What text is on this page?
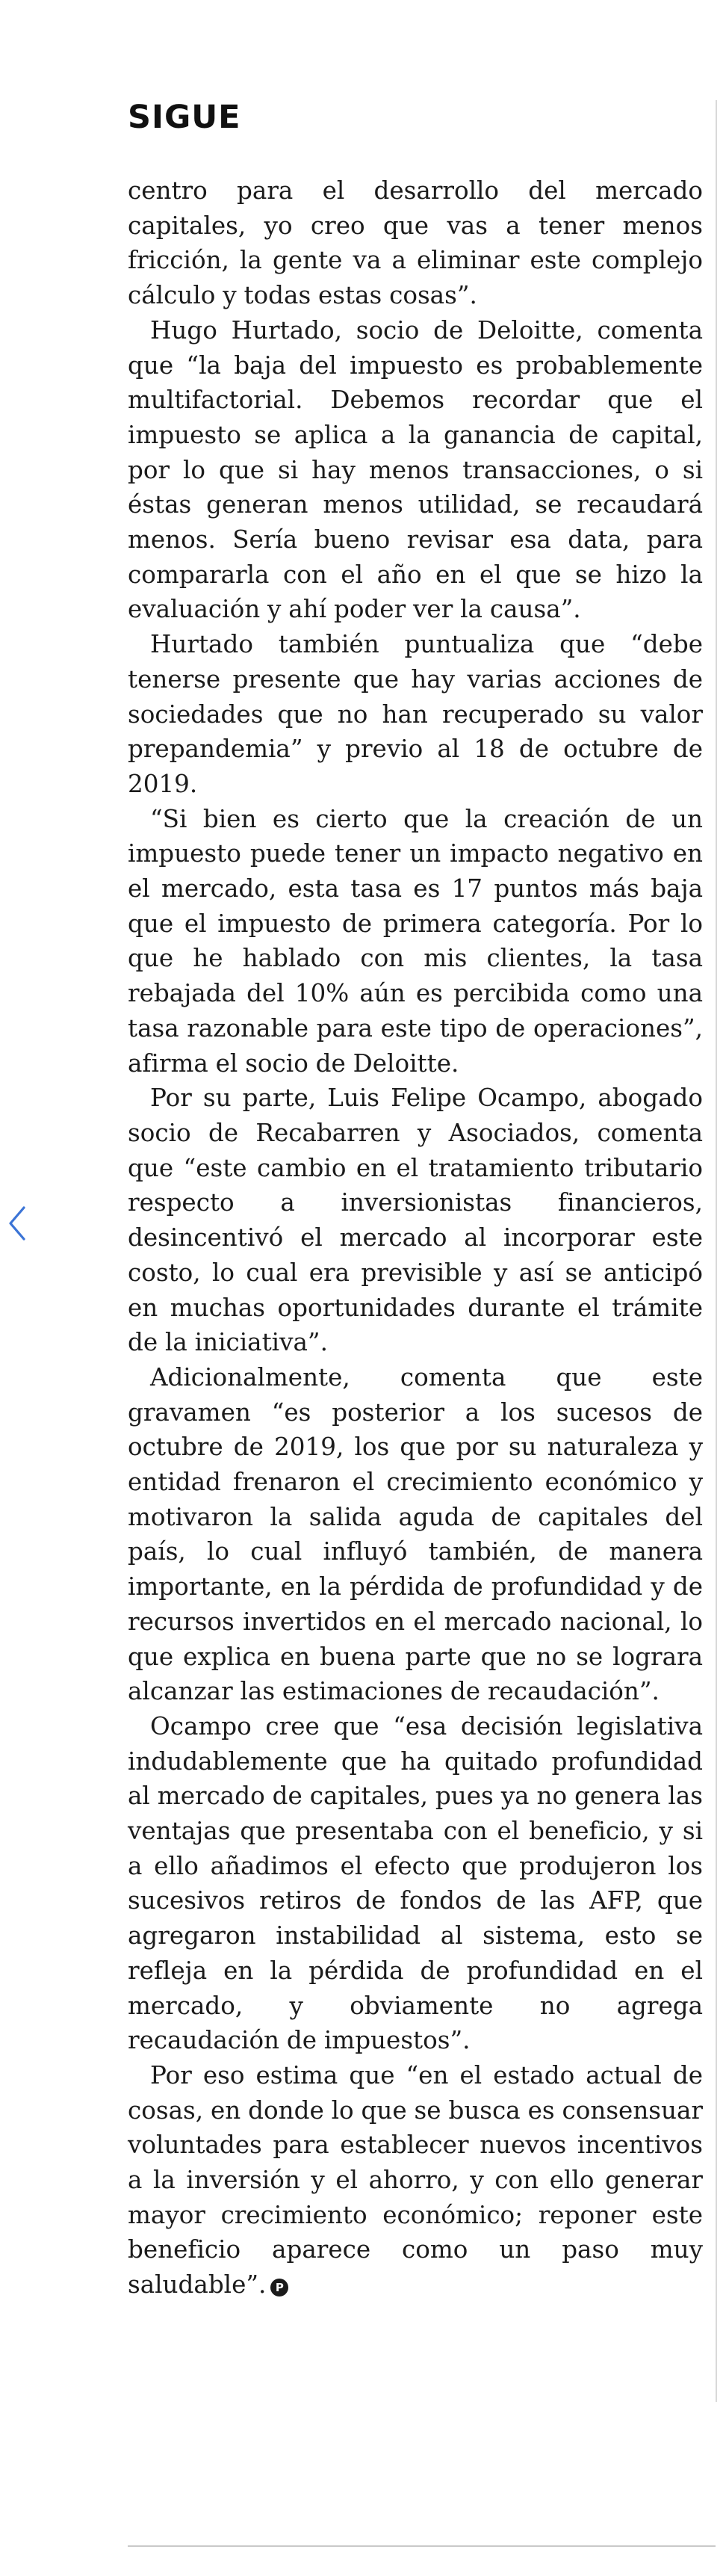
SIGUE

centro para el desarrollo del mercado capitales, yo creo que vas a tener menos fricción, la gente va a eliminar este complejo cálculo y todas estas cosas”.

Hugo Hurtado, socio de Deloitte, comenta que “la baja del impuesto es probablemente multifactorial. Debemos recordar que el impuesto se aplica a la ganancia de capital, por lo que si hay menos transacciones, o si éstas generan menos utilidad, se recaudará menos. Sería bueno revisar esa data, para compararla con el año en el que se hizo la evaluación y ahí poder ver la causa”.

Hurtado también puntualiza que “debe tenerse presente que hay varias acciones de sociedades que no han recuperado su valor prepandemia” y previo al 18 de octubre de 2019.

“Si bien es cierto que la creación de un impuesto puede tener un impacto negativo en el mercado, esta tasa es 17 puntos más baja que el impuesto de primera categoría. Por lo que he hablado con mis clientes, la tasa rebajada del 10% aún es percibida como una tasa razonable para este tipo de operaciones”, afirma el socio de Deloitte.

Por su parte, Luis Felipe Ocampo, abogado socio de Recabarren y Asociados, comenta que “este cambio en el tratamiento tributario respecto a inversionistas financieros, desincentivó el mercado al incorporar este costo, lo cual era previsible y así se anticipó en muchas oportunidades durante el trámite de la iniciativa”.

Adicionalmente, comenta que este gravamen “es posterior a los sucesos de octubre de 2019, los que por su naturaleza y entidad frenaron el crecimiento económico y motivaron la salida aguda de capitales del país, lo cual influyó también, de manera importante, en la pérdida de profundidad y de recursos invertidos en el mercado nacional, lo que explica en buena parte que no se lograra alcanzar las estimaciones de recaudación”.

Ocampo cree que “esa decisión legislativa indudablemente que ha quitado profundidad al mercado de capitales, pues ya no genera las ventajas que presentaba con el beneficio, y si a ello añadimos el efecto que produjeron los sucesivos retiros de fondos de las AFP, que agregaron instabilidad al sistema, esto se refleja en la pérdida de profundidad en el mercado, y obviamente no agrega recaudación de impuestos”.

Por eso estima que “en el estado actual de cosas, en donde lo que se busca es consensuar voluntades para establecer nuevos incentivos a la inversión y el ahorro, y con ello generar mayor crecimiento económico; reponer este beneficio aparece como un paso muy saludable”. P
